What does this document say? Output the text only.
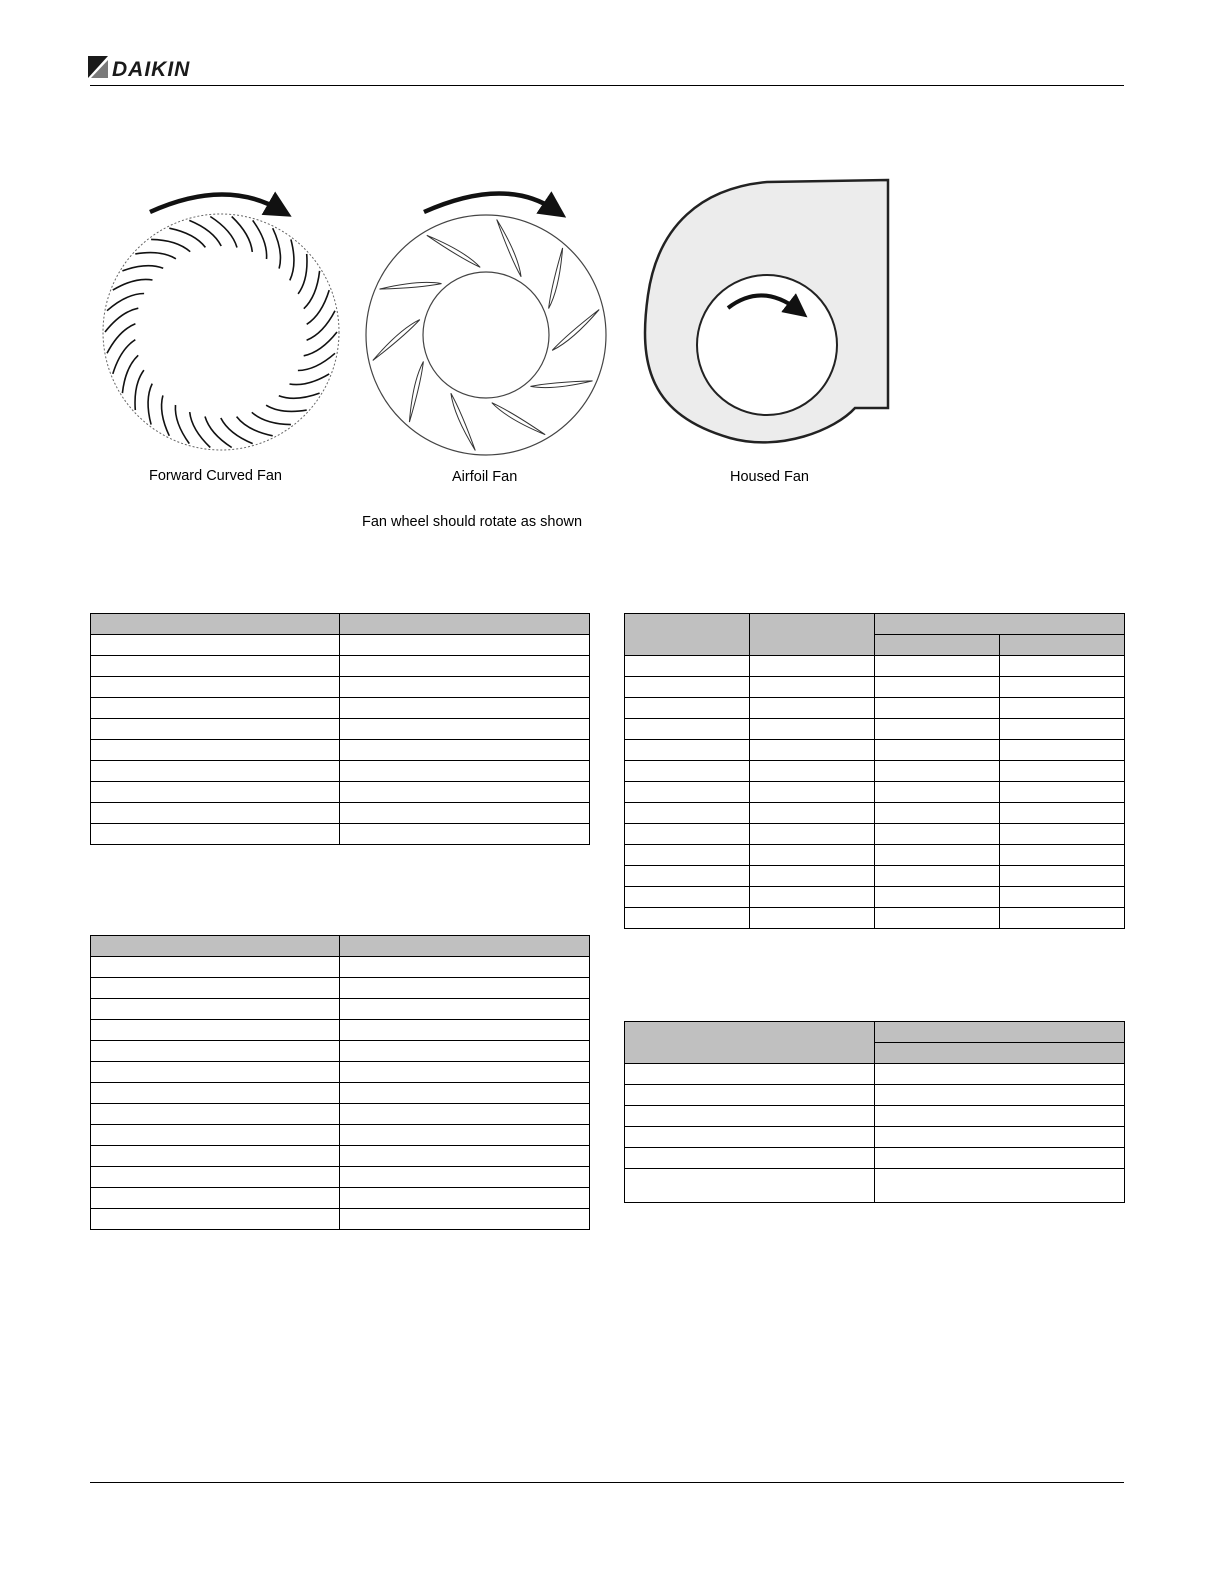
DAIKIN
Forward Curved Fan	Airfoil Fan	Housed Fan
Fan wheel should rotate as shown
